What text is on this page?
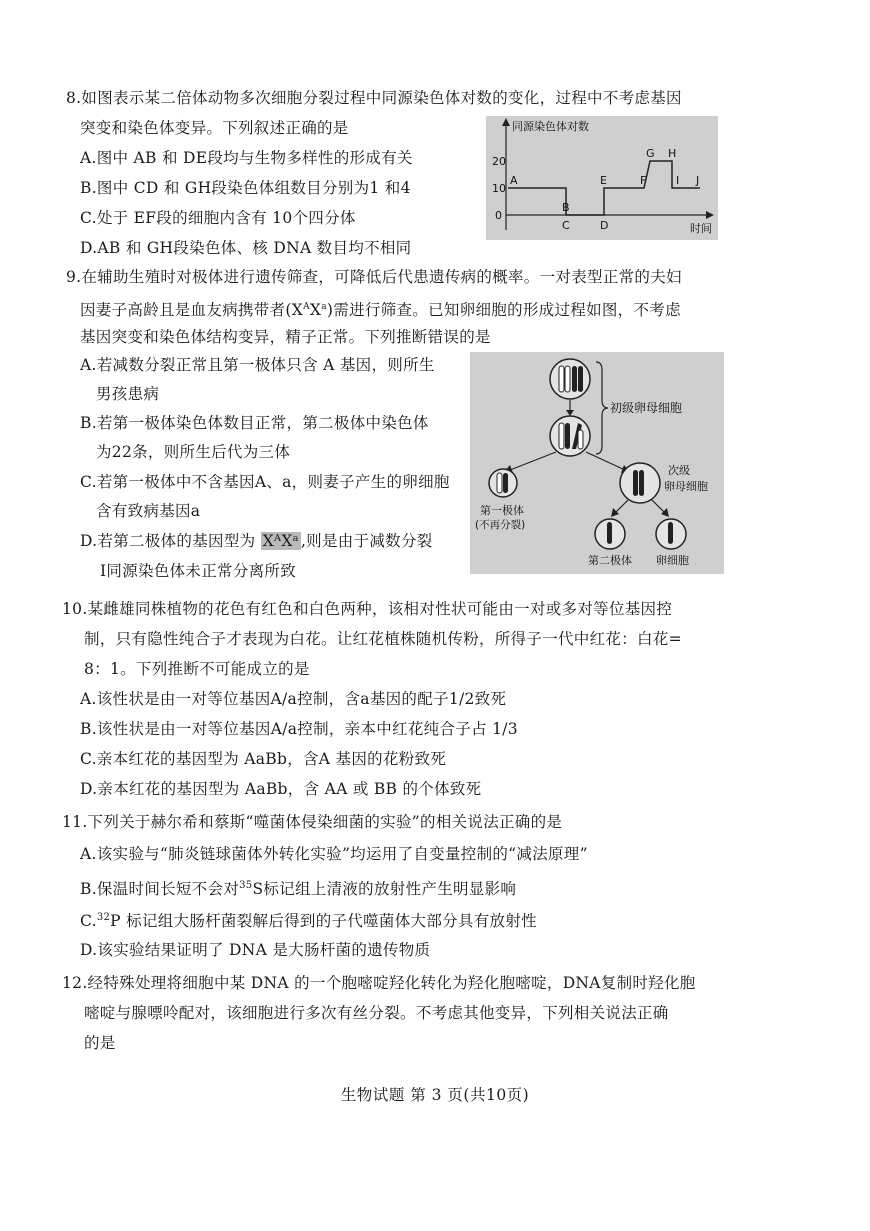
8.如图表示某二倍体动物多次细胞分裂过程中同源染色体对数的变化，过程中不考虑基因
突变和染色体变异。下列叙述正确的是
A.图中 AB 和 DE段均与生物多样性的形成有关
B.图中 CD 和 GH段染色体组数目分别为1 和4
C.处于 EF段的细胞内含有 10个四分体
D.AB 和 GH段染色体、核 DNA 数目均不相同
同源染色体对数
时间
20
10
0
A
B
C	D
E	F
G H
I J
9.在辅助生殖时对极体进行遗传筛查，可降低后代患遗传病的概率。一对表型正常的夫妇
因妻子高龄且是血友病携带者$(X^AX^a)$需进行筛查。已知卵细胞的形成过程如图，不考虑
基因突变和染色体结构变异，精子正常。下列推断错误的是
A.若减数分裂正常且第一极体只含 A 基因，则所生
男孩患病
B.若第一极体染色体数目正常，第二极体中染色体
为22条，则所生后代为三体
C.若第一极体中不含基因A、a，则妻子产生的卵细胞
含有致病基因a
D.若第二极体的基因型为 XᴬXᵃ ,则是由于减数分裂
Ⅰ同源染色体未正常分离所致
初级卵母细胞
第一极体
(不再分裂)
次级
卵母细胞
第二极体 卵细胞
10.某雌雄同株植物的花色有红色和白色两种，该相对性状可能由一对或多对等位基因控
制，只有隐性纯合子才表现为白花。让红花植株随机传粉，所得子一代中红花：白花=
8：1。下列推断不可能成立的是
A.该性状是由一对等位基因A/a控制，含a基因的配子1/2致死
B.该性状是由一对等位基因A/a控制，亲本中红花纯合子占 1/3
C.亲本红花的基因型为 AaBb，含A 基因的花粉致死
D.亲本红花的基因型为 AaBb，含 AA 或 BB 的个体致死
11.下列关于赫尔希和蔡斯“噬菌体侵染细菌的实验”的相关说法正确的是
A.该实验与“肺炎链球菌体外转化实验”均运用了自变量控制的“减法原理”
B.保温时间长短不会对$^{35}$S标记组上清液的放射性产生明显影响
C.$^{32}$P 标记组大肠杆菌裂解后得到的子代噬菌体大部分具有放射性
D.该实验结果证明了 DNA 是大肠杆菌的遗传物质
12.经特殊处理将细胞中某 DNA 的一个胞嘧啶羟化转化为羟化胞嘧啶，DNA复制时羟化胞
嘧啶与腺嘌呤配对，该细胞进行多次有丝分裂。不考虑其他变异，下列相关说法正确
的是
生物试题 第 3 页(共10页)
